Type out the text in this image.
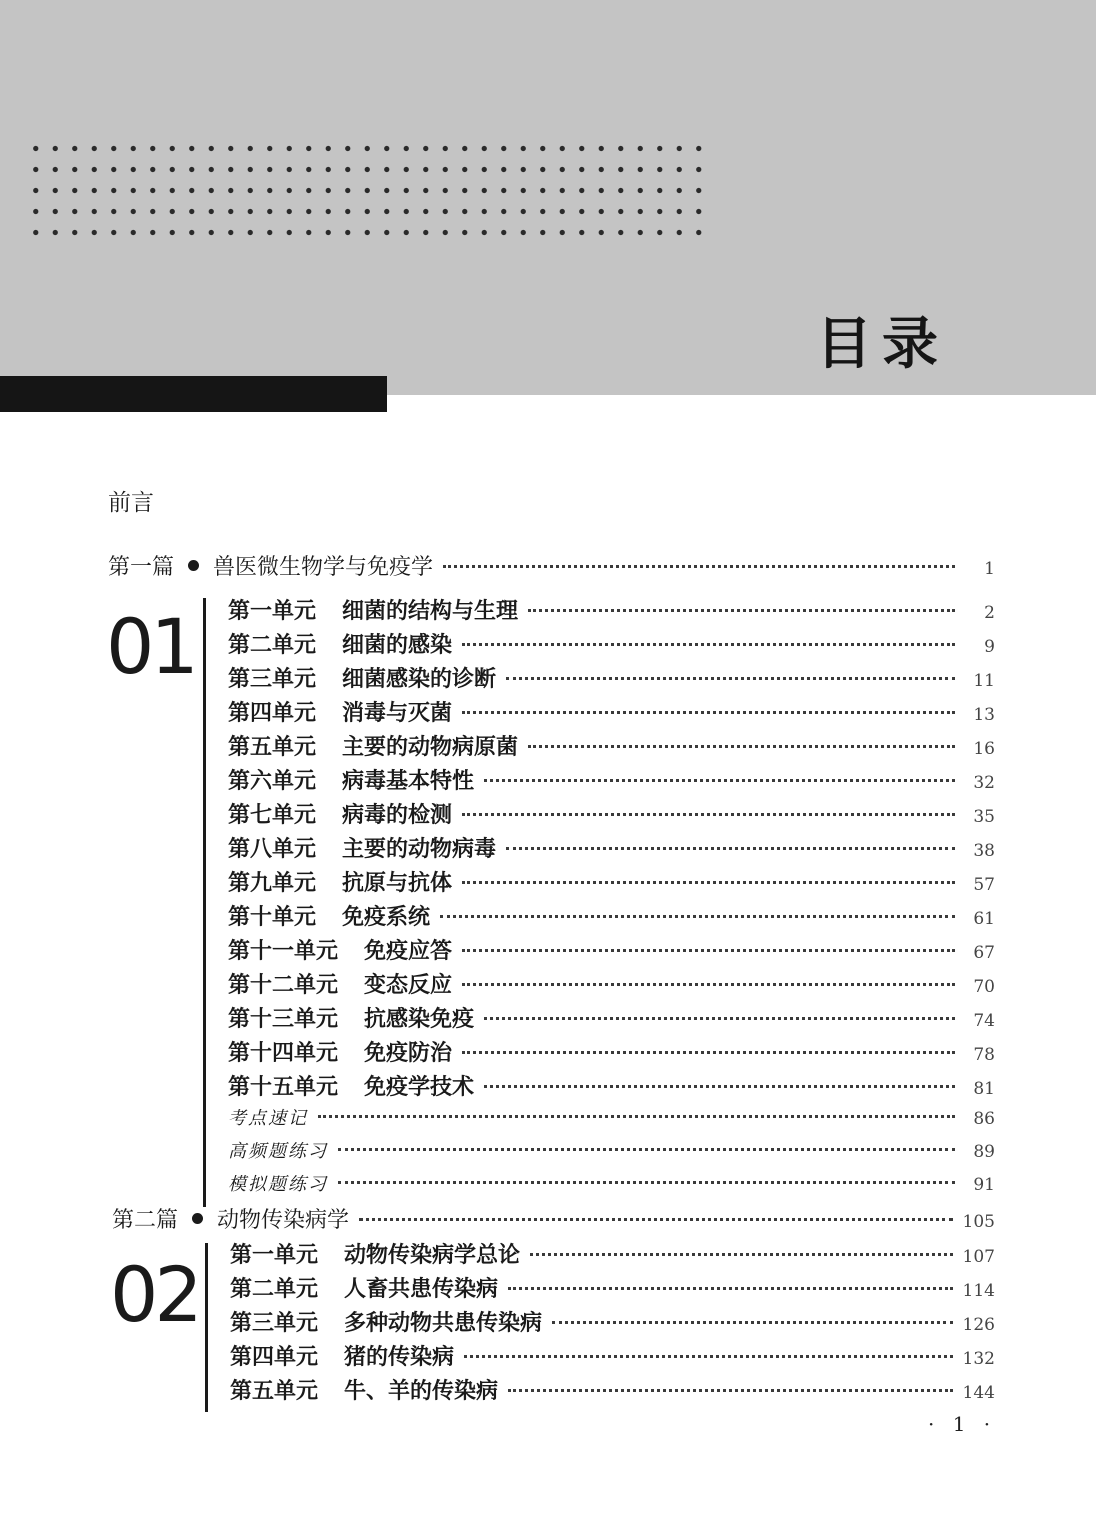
目录
前言
第一篇 兽医微生物学与免疫学	1
01 第一单元 细菌的结构与生理	2
第二单元 细菌的感染	9
第三单元 细菌感染的诊断	11
第四单元 消毒与灭菌	13
第五单元 主要的动物病原菌	16
第六单元 病毒基本特性	32
第七单元 病毒的检测	35
第八单元 主要的动物病毒	38
第九单元 抗原与抗体	57
第十单元 免疫系统	61
第十一单元 免疫应答	67
第十二单元 变态反应	70
第十三单元 抗感染免疫	74
第十四单元 免疫防治	78
第十五单元 免疫学技术	81
考点速记	86
高频题练习	89
模拟题练习	91
第二篇 动物传染病学	105
02 第一单元 动物传染病学总论	107
第二单元 人畜共患传染病	114
第三单元 多种动物共患传染病	126
第四单元 猪的传染病	132
第五单元 牛、羊的传染病	144
· 1 ·
